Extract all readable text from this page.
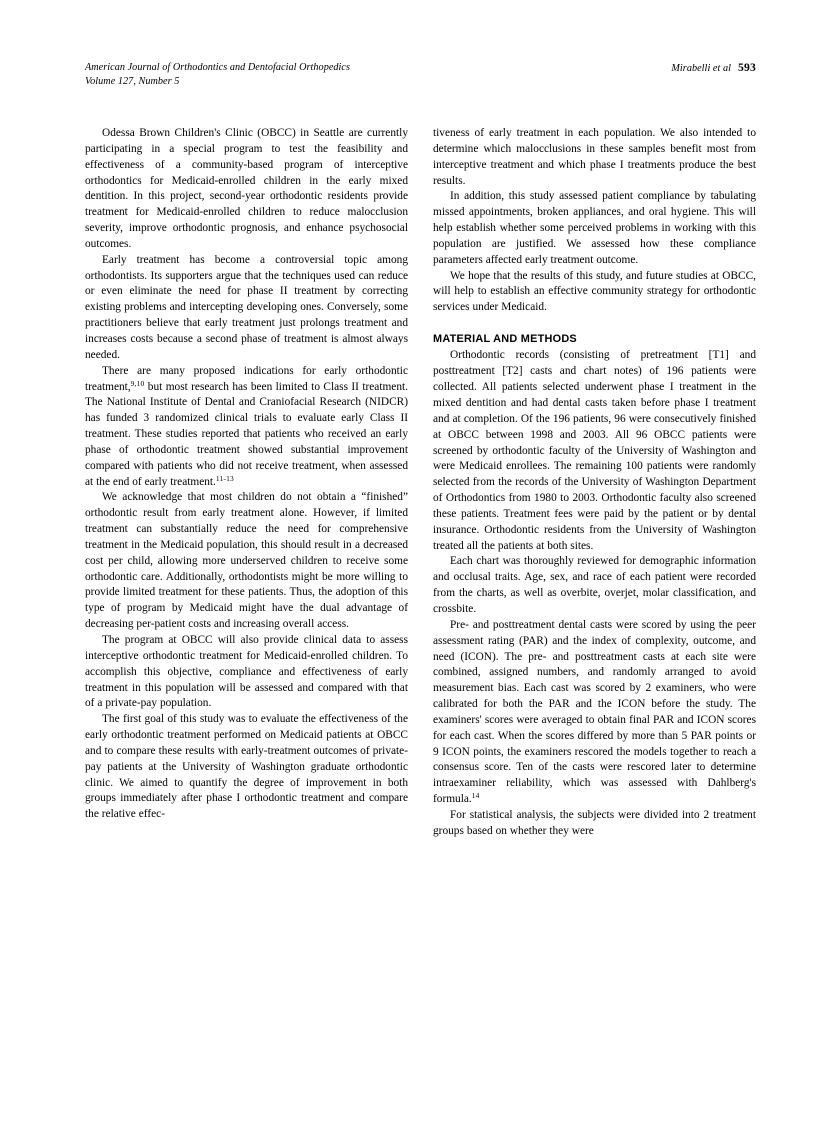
American Journal of Orthodontics and Dentofacial Orthopedics
Volume 127, Number 5
Mirabelli et al 593

Odessa Brown Children's Clinic (OBCC) in Seattle are currently participating in a special program to test the feasibility and effectiveness of a community-based program of interceptive orthodontics for Medicaid-enrolled children in the early mixed dentition. In this project, second-year orthodontic residents provide treatment for Medicaid-enrolled children to reduce malocclusion severity, improve orthodontic prognosis, and enhance psychosocial outcomes.

Early treatment has become a controversial topic among orthodontists. Its supporters argue that the techniques used can reduce or even eliminate the need for phase II treatment by correcting existing problems and intercepting developing ones. Conversely, some practitioners believe that early treatment just prolongs treatment and increases costs because a second phase of treatment is almost always needed.

There are many proposed indications for early orthodontic treatment,$^{9,10}$ but most research has been limited to Class II treatment. The National Institute of Dental and Craniofacial Research (NIDCR) has funded 3 randomized clinical trials to evaluate early Class II treatment. These studies reported that patients who received an early phase of orthodontic treatment showed substantial improvement compared with patients who did not receive treatment, when assessed at the end of early treatment.$^{11-13}$

We acknowledge that most children do not obtain a “finished” orthodontic result from early treatment alone. However, if limited treatment can substantially reduce the need for comprehensive treatment in the Medicaid population, this should result in a decreased cost per child, allowing more underserved children to receive some orthodontic care. Additionally, orthodontists might be more willing to provide limited treatment for these patients. Thus, the adoption of this type of program by Medicaid might have the dual advantage of decreasing per-patient costs and increasing overall access.

The program at OBCC will also provide clinical data to assess interceptive orthodontic treatment for Medicaid-enrolled children. To accomplish this objective, compliance and effectiveness of early treatment in this population will be assessed and compared with that of a private-pay population.

The first goal of this study was to evaluate the effectiveness of the early orthodontic treatment performed on Medicaid patients at OBCC and to compare these results with early-treatment outcomes of private-pay patients at the University of Washington graduate orthodontic clinic. We aimed to quantify the degree of improvement in both groups immediately after phase I orthodontic treatment and compare the relative effec-

tiveness of early treatment in each population. We also intended to determine which malocclusions in these samples benefit most from interceptive treatment and which phase I treatments produce the best results.

In addition, this study assessed patient compliance by tabulating missed appointments, broken appliances, and oral hygiene. This will help establish whether some perceived problems in working with this population are justified. We assessed how these compliance parameters affected early treatment outcome.

We hope that the results of this study, and future studies at OBCC, will help to establish an effective community strategy for orthodontic services under Medicaid.

MATERIAL AND METHODS

Orthodontic records (consisting of pretreatment [T1] and posttreatment [T2] casts and chart notes) of 196 patients were collected. All patients selected underwent phase I treatment in the mixed dentition and had dental casts taken before phase I treatment and at completion. Of the 196 patients, 96 were consecutively finished at OBCC between 1998 and 2003. All 96 OBCC patients were screened by orthodontic faculty of the University of Washington and were Medicaid enrollees. The remaining 100 patients were randomly selected from the records of the University of Washington Department of Orthodontics from 1980 to 2003. Orthodontic faculty also screened these patients. Treatment fees were paid by the patient or by dental insurance. Orthodontic residents from the University of Washington treated all the patients at both sites.

Each chart was thoroughly reviewed for demographic information and occlusal traits. Age, sex, and race of each patient were recorded from the charts, as well as overbite, overjet, molar classification, and crossbite.

Pre- and posttreatment dental casts were scored by using the peer assessment rating (PAR) and the index of complexity, outcome, and need (ICON). The pre- and posttreatment casts at each site were combined, assigned numbers, and randomly arranged to avoid measurement bias. Each cast was scored by 2 examiners, who were calibrated for both the PAR and the ICON before the study. The examiners' scores were averaged to obtain final PAR and ICON scores for each cast. When the scores differed by more than 5 PAR points or 9 ICON points, the examiners rescored the models together to reach a consensus score. Ten of the casts were rescored later to determine intraexaminer reliability, which was assessed with Dahlberg's formula.$^{14}$

For statistical analysis, the subjects were divided into 2 treatment groups based on whether they were
